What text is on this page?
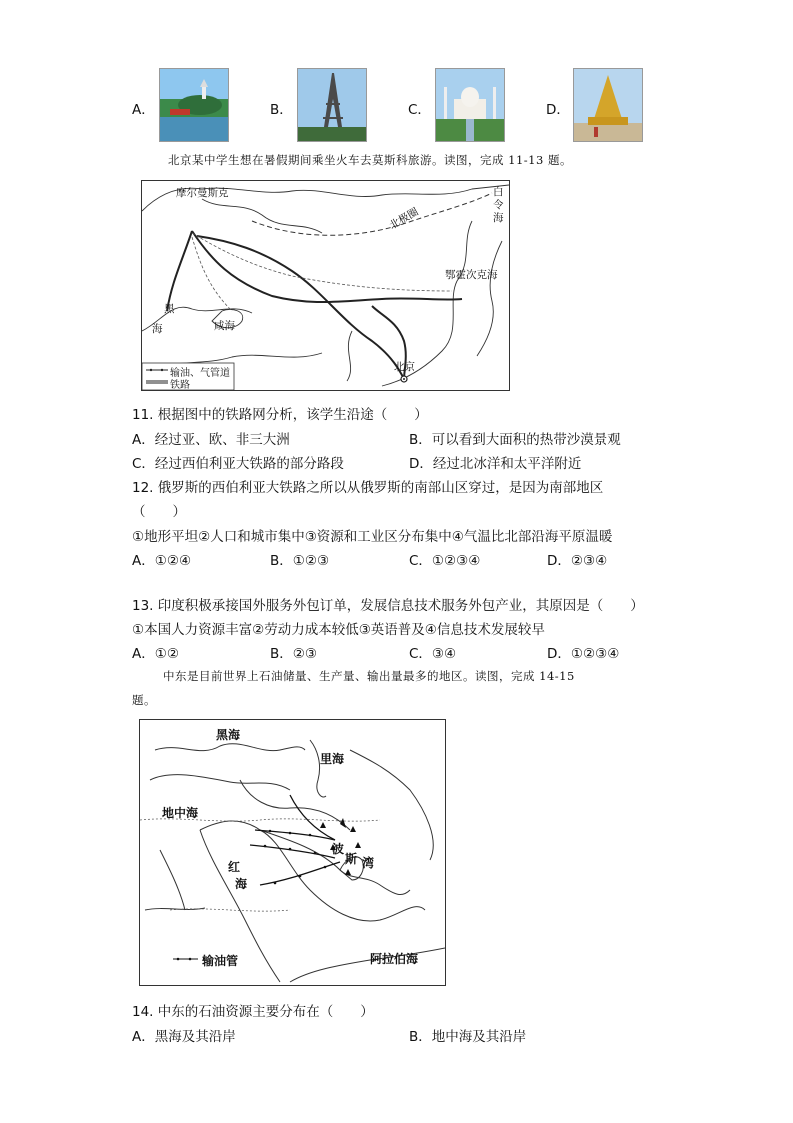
A．	B．	C．	D．
北京某中学生想在暑假期间乘坐火车去莫斯科旅游。读图，完成 11-13 题。
摩尔曼斯克	白
令
海
北极圈
鄂霍次克海
黑
海	咸海
北京
输油、气管道
铁路
11. 根据图中的铁路网分析，该学生沿途（　　）
A．经过亚、欧、非三大洲	B．可以看到大面积的热带沙漠景观
C．经过西伯利亚大铁路的部分路段	D．经过北冰洋和太平洋附近
12. 俄罗斯的西伯利亚大铁路之所以从俄罗斯的南部山区穿过，是因为南部地区
（　　）
①地形平坦②人口和城市集中③资源和工业区分布集中④气温比北部沿海平原温暖
A．①②④	B．①②③	C．①②③④	D．②③④
13. 印度积极承接国外服务外包订单，发展信息技术服务外包产业，其原因是（　　）
①本国人力资源丰富②劳动力成本较低③英语普及④信息技术发展较早
A．①②	B．②③	C．③④	D．①②③④
中东是目前世界上石油储量、生产量、输出量最多的地区。读图，完成 14-15
题。
黑海
里海
地中海
红
海
波
斯 湾
阿拉伯海
输油管
14. 中东的石油资源主要分布在（　　）
A．黑海及其沿岸	B．地中海及其沿岸
